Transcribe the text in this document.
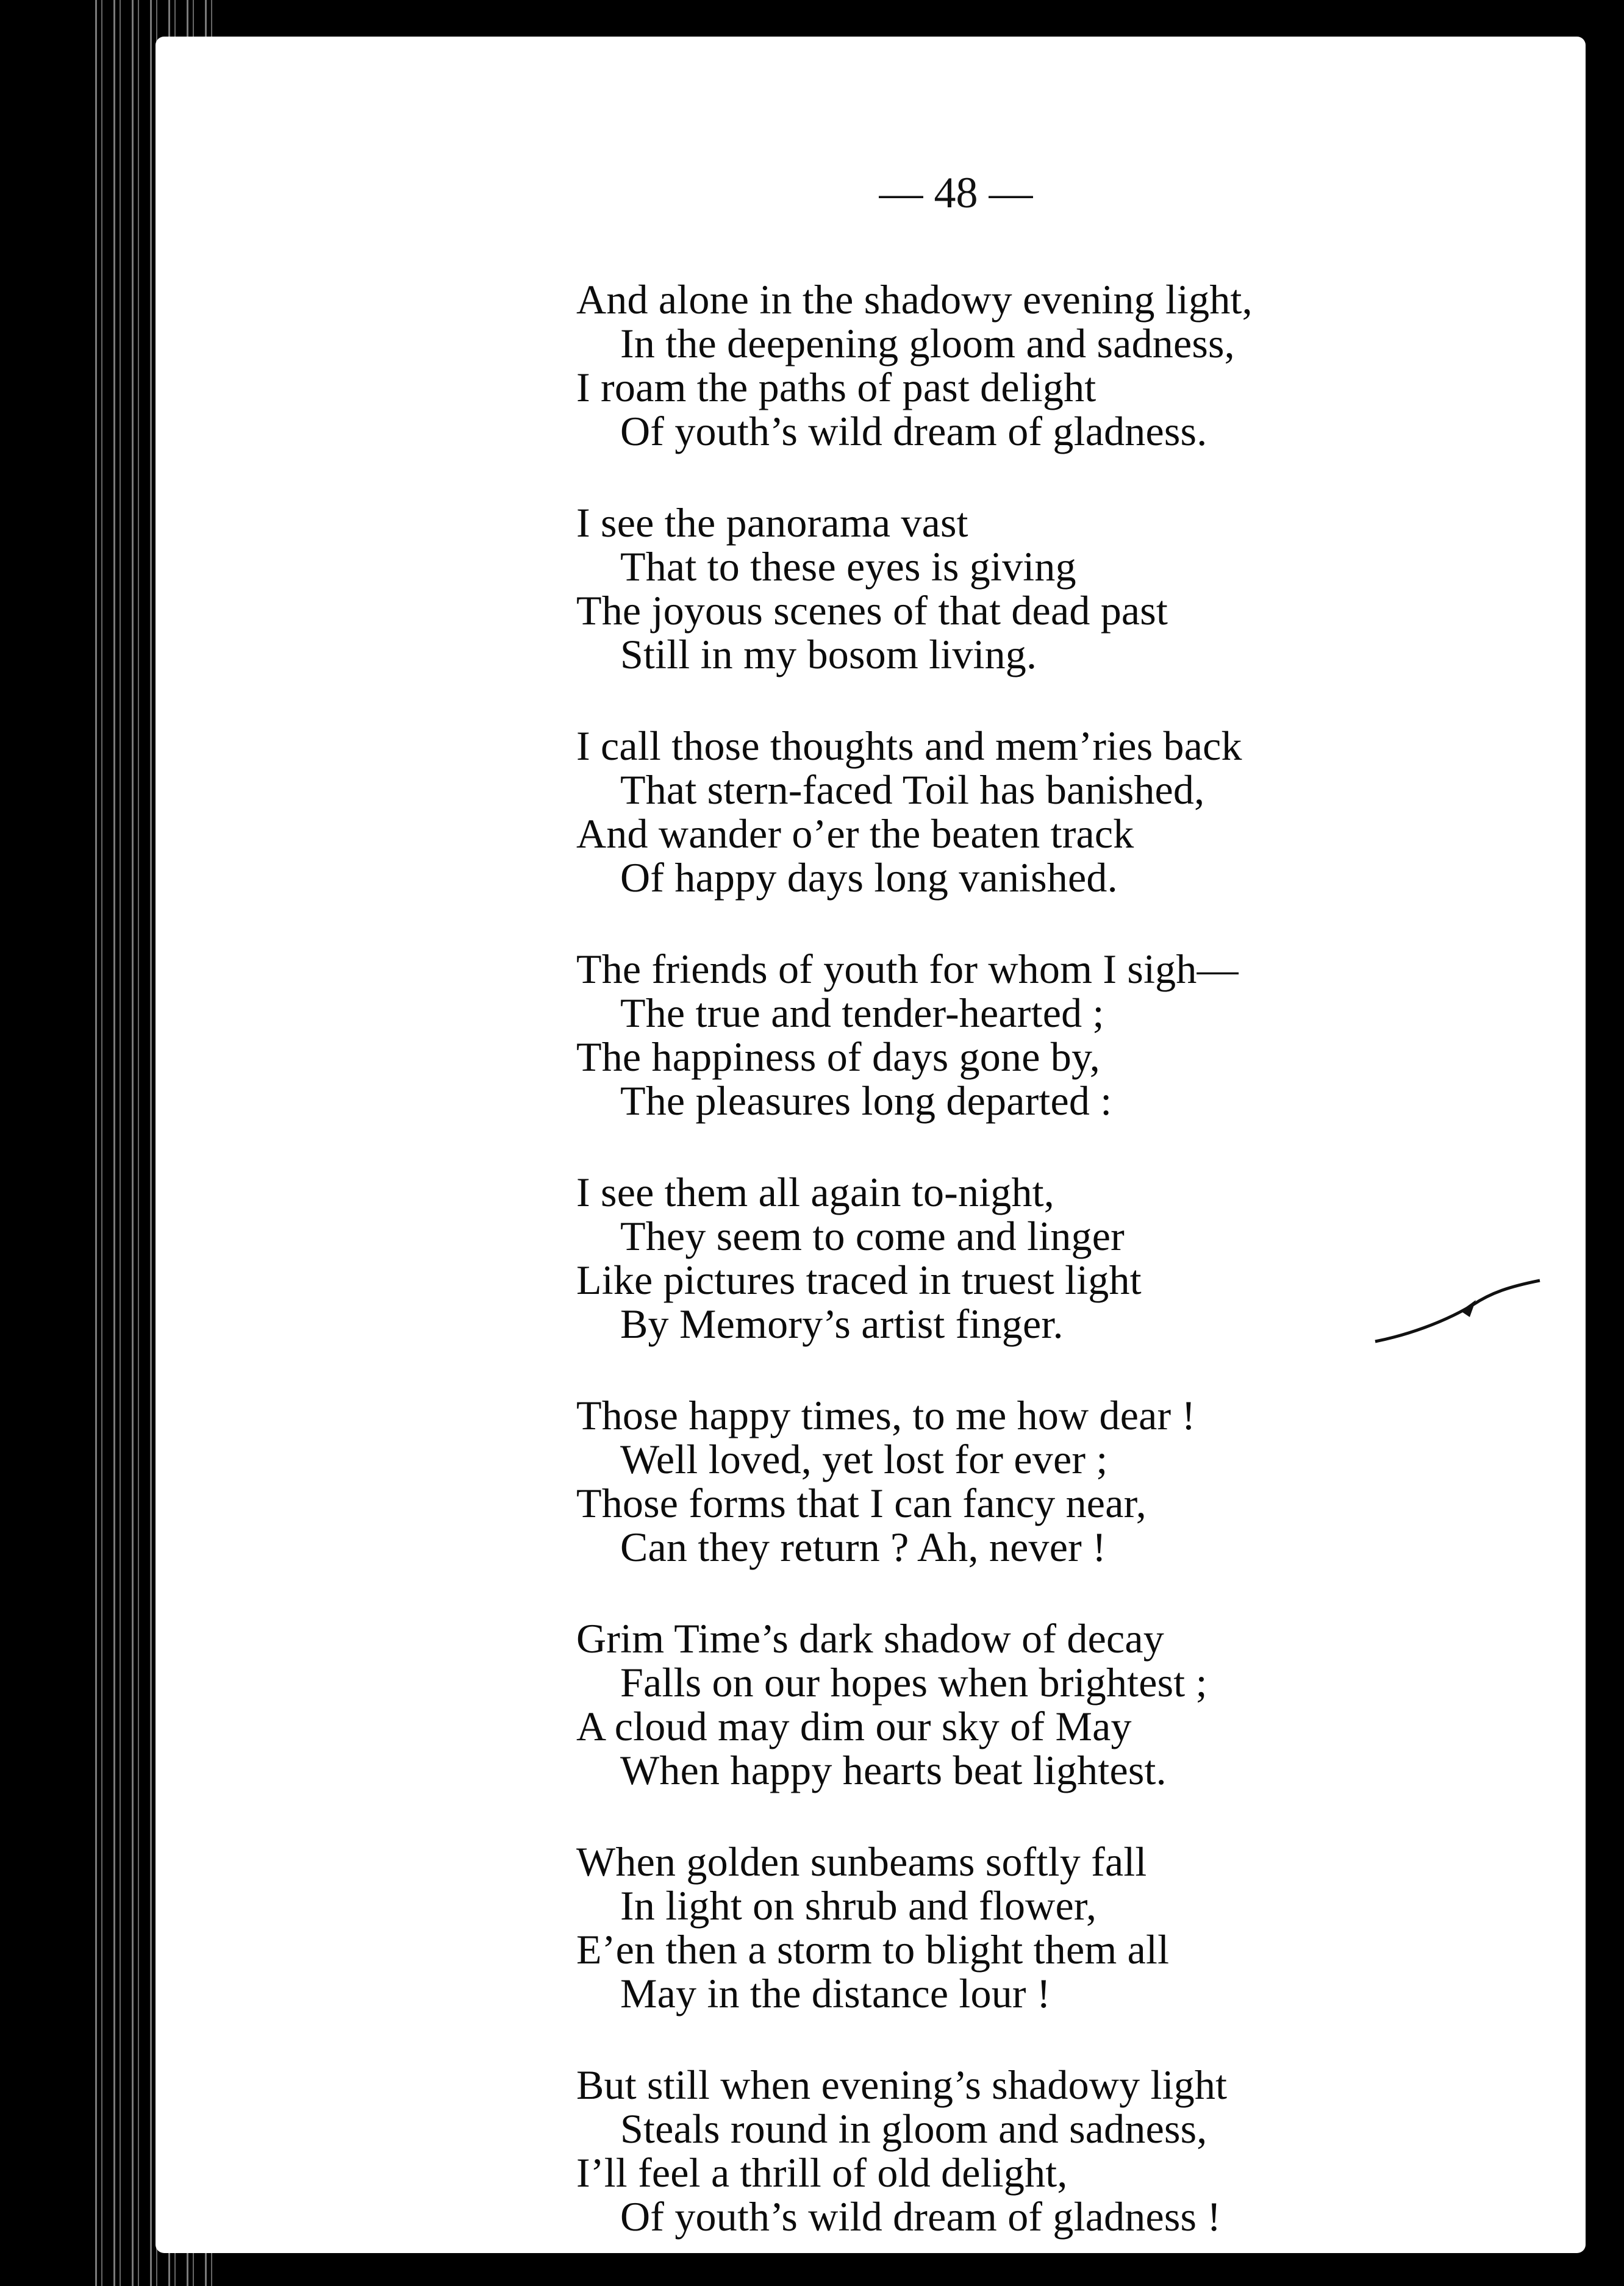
— 48 —
And alone in the shadowy evening light,
In the deepening gloom and sadness,
I roam the paths of past delight
Of youth’s wild dream of gladness.
I see the panorama vast
That to these eyes is giving
The joyous scenes of that dead past
Still in my bosom living.
I call those thoughts and mem’ries back
That stern-faced Toil has banished,
And wander o’er the beaten track
Of happy days long vanished.
The friends of youth for whom I sigh—
The true and tender-hearted ;
The happiness of days gone by,
The pleasures long departed :
I see them all again to-night,
They seem to come and linger
Like pictures traced in truest light
By Memory’s artist finger.
Those happy times, to me how dear !
Well loved, yet lost for ever ;
Those forms that I can fancy near,
Can they return ? Ah, never !
Grim Time’s dark shadow of decay
Falls on our hopes when brightest ;
A cloud may dim our sky of May
When happy hearts beat lightest.
When golden sunbeams softly fall
In light on shrub and flower,
E’en then a storm to blight them all
May in the distance lour !
But still when evening’s shadowy light
Steals round in gloom and sadness,
I’ll feel a thrill of old delight,
Of youth’s wild dream of gladness !
